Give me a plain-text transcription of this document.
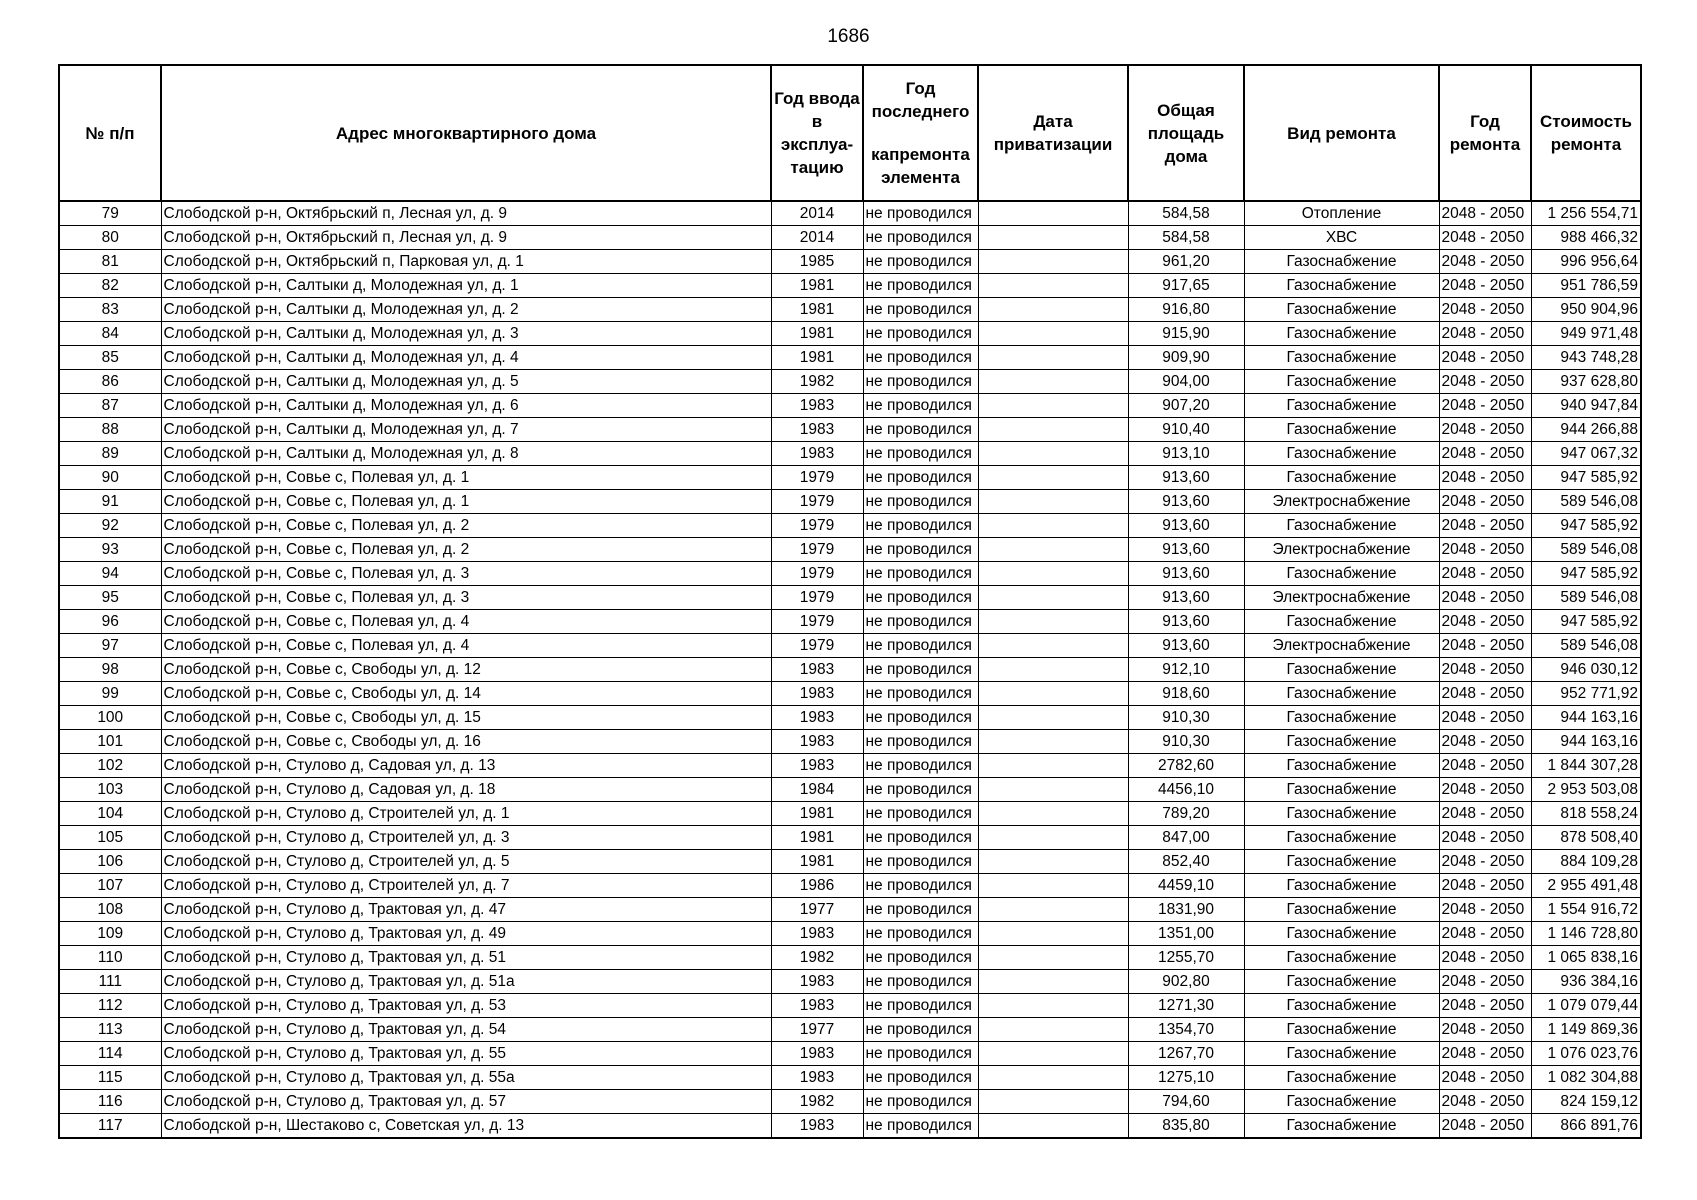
1686
№ п/п	Адрес многоквартирного дома	Год ввода в эксплуа-тацию	Год последнего
капремонта элемента	Дата приватизации	Общая площадь дома	Вид ремонта	Год ремонта	Стоимость ремонта
79	Слободской р-н, Октябрьский п, Лесная ул, д. 9	2014	не проводился		584,58	Отопление	2048 - 2050	1 256 554,71
80	Слободской р-н, Октябрьский п, Лесная ул, д. 9	2014	не проводился		584,58	ХВС	2048 - 2050	988 466,32
81	Слободской р-н, Октябрьский п, Парковая ул, д. 1	1985	не проводился		961,20	Газоснабжение	2048 - 2050	996 956,64
82	Слободской р-н, Салтыки д, Молодежная ул, д. 1	1981	не проводился		917,65	Газоснабжение	2048 - 2050	951 786,59
83	Слободской р-н, Салтыки д, Молодежная ул, д. 2	1981	не проводился		916,80	Газоснабжение	2048 - 2050	950 904,96
84	Слободской р-н, Салтыки д, Молодежная ул, д. 3	1981	не проводился		915,90	Газоснабжение	2048 - 2050	949 971,48
85	Слободской р-н, Салтыки д, Молодежная ул, д. 4	1981	не проводился		909,90	Газоснабжение	2048 - 2050	943 748,28
86	Слободской р-н, Салтыки д, Молодежная ул, д. 5	1982	не проводился		904,00	Газоснабжение	2048 - 2050	937 628,80
87	Слободской р-н, Салтыки д, Молодежная ул, д. 6	1983	не проводился		907,20	Газоснабжение	2048 - 2050	940 947,84
88	Слободской р-н, Салтыки д, Молодежная ул, д. 7	1983	не проводился		910,40	Газоснабжение	2048 - 2050	944 266,88
89	Слободской р-н, Салтыки д, Молодежная ул, д. 8	1983	не проводился		913,10	Газоснабжение	2048 - 2050	947 067,32
90	Слободской р-н, Совье с, Полевая ул, д. 1	1979	не проводился		913,60	Газоснабжение	2048 - 2050	947 585,92
91	Слободской р-н, Совье с, Полевая ул, д. 1	1979	не проводился		913,60	Электроснабжение	2048 - 2050	589 546,08
92	Слободской р-н, Совье с, Полевая ул, д. 2	1979	не проводился		913,60	Газоснабжение	2048 - 2050	947 585,92
93	Слободской р-н, Совье с, Полевая ул, д. 2	1979	не проводился		913,60	Электроснабжение	2048 - 2050	589 546,08
94	Слободской р-н, Совье с, Полевая ул, д. 3	1979	не проводился		913,60	Газоснабжение	2048 - 2050	947 585,92
95	Слободской р-н, Совье с, Полевая ул, д. 3	1979	не проводился		913,60	Электроснабжение	2048 - 2050	589 546,08
96	Слободской р-н, Совье с, Полевая ул, д. 4	1979	не проводился		913,60	Газоснабжение	2048 - 2050	947 585,92
97	Слободской р-н, Совье с, Полевая ул, д. 4	1979	не проводился		913,60	Электроснабжение	2048 - 2050	589 546,08
98	Слободской р-н, Совье с, Свободы ул, д. 12	1983	не проводился		912,10	Газоснабжение	2048 - 2050	946 030,12
99	Слободской р-н, Совье с, Свободы ул, д. 14	1983	не проводился		918,60	Газоснабжение	2048 - 2050	952 771,92
100	Слободской р-н, Совье с, Свободы ул, д. 15	1983	не проводился		910,30	Газоснабжение	2048 - 2050	944 163,16
101	Слободской р-н, Совье с, Свободы ул, д. 16	1983	не проводился		910,30	Газоснабжение	2048 - 2050	944 163,16
102	Слободской р-н, Стулово д, Садовая ул, д. 13	1983	не проводился		2782,60	Газоснабжение	2048 - 2050	1 844 307,28
103	Слободской р-н, Стулово д, Садовая ул, д. 18	1984	не проводился		4456,10	Газоснабжение	2048 - 2050	2 953 503,08
104	Слободской р-н, Стулово д, Строителей ул, д. 1	1981	не проводился		789,20	Газоснабжение	2048 - 2050	818 558,24
105	Слободской р-н, Стулово д, Строителей ул, д. 3	1981	не проводился		847,00	Газоснабжение	2048 - 2050	878 508,40
106	Слободской р-н, Стулово д, Строителей ул, д. 5	1981	не проводился		852,40	Газоснабжение	2048 - 2050	884 109,28
107	Слободской р-н, Стулово д, Строителей ул, д. 7	1986	не проводился		4459,10	Газоснабжение	2048 - 2050	2 955 491,48
108	Слободской р-н, Стулово д, Трактовая ул, д. 47	1977	не проводился		1831,90	Газоснабжение	2048 - 2050	1 554 916,72
109	Слободской р-н, Стулово д, Трактовая ул, д. 49	1983	не проводился		1351,00	Газоснабжение	2048 - 2050	1 146 728,80
110	Слободской р-н, Стулово д, Трактовая ул, д. 51	1982	не проводился		1255,70	Газоснабжение	2048 - 2050	1 065 838,16
111	Слободской р-н, Стулово д, Трактовая ул, д. 51а	1983	не проводился		902,80	Газоснабжение	2048 - 2050	936 384,16
112	Слободской р-н, Стулово д, Трактовая ул, д. 53	1983	не проводился		1271,30	Газоснабжение	2048 - 2050	1 079 079,44
113	Слободской р-н, Стулово д, Трактовая ул, д. 54	1977	не проводился		1354,70	Газоснабжение	2048 - 2050	1 149 869,36
114	Слободской р-н, Стулово д, Трактовая ул, д. 55	1983	не проводился		1267,70	Газоснабжение	2048 - 2050	1 076 023,76
115	Слободской р-н, Стулово д, Трактовая ул, д. 55а	1983	не проводился		1275,10	Газоснабжение	2048 - 2050	1 082 304,88
116	Слободской р-н, Стулово д, Трактовая ул, д. 57	1982	не проводился		794,60	Газоснабжение	2048 - 2050	824 159,12
117	Слободской р-н, Шестаково с, Советская ул, д. 13	1983	не проводился		835,80	Газоснабжение	2048 - 2050	866 891,76
